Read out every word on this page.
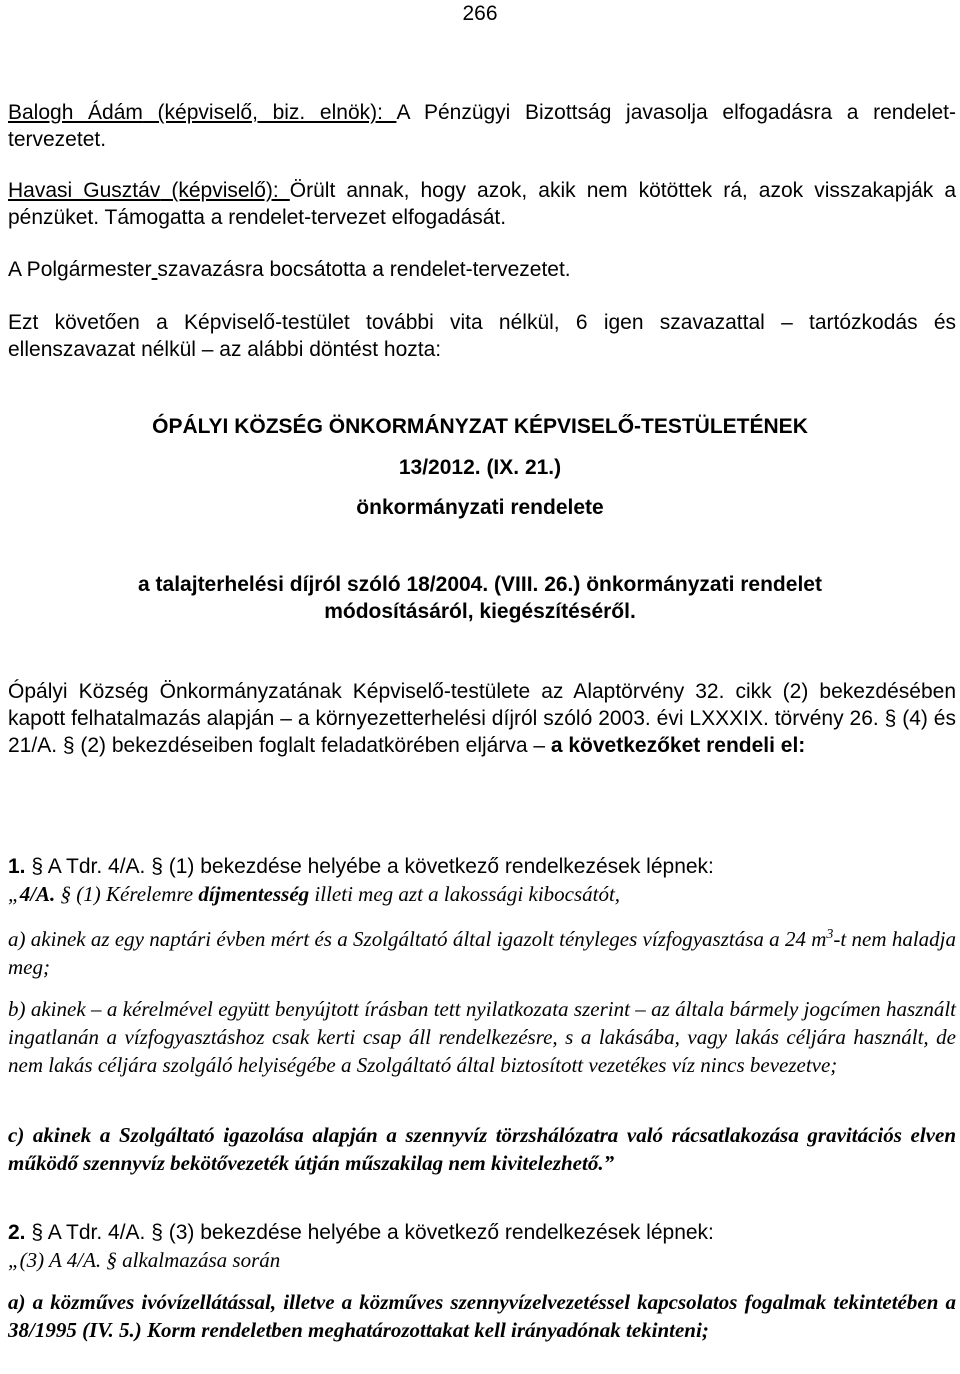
266
Balogh Ádám (képviselő, biz. elnök): A Pénzügyi Bizottság javasolja elfogadásra a rendelet-tervezetet.
Havasi Gusztáv (képviselő): Örült annak, hogy azok, akik nem kötöttek rá, azok visszakapják a pénzüket. Támogatta a rendelet-tervezet elfogadását.
A Polgármester szavazásra bocsátotta a rendelet-tervezetet.
Ezt követően a Képviselő-testület további vita nélkül, 6 igen szavazattal – tartózkodás és ellenszavazat nélkül – az alábbi döntést hozta:
ÓPÁLYI KÖZSÉG ÖNKORMÁNYZAT KÉPVISELŐ-TESTÜLETÉNEK
13/2012. (IX. 21.)
önkormányzati rendelete
a talajterhelési díjról szóló 18/2004. (VIII. 26.) önkormányzati rendelet
módosításáról, kiegészítéséről.
Ópályi Község Önkormányzatának Képviselő-testülete az Alaptörvény 32. cikk (2) bekezdésében kapott felhatalmazás alapján – a környezetterhelési díjról szóló 2003. évi LXXXIX. törvény 26. § (4) és 21/A. § (2) bekezdéseiben foglalt feladatkörében eljárva – a következőket rendeli el:
1. § A Tdr. 4/A. § (1) bekezdése helyébe a következő rendelkezések lépnek:
„4/A. § (1) Kérelemre díjmentesség illeti meg azt a lakossági kibocsátót,
a) akinek az egy naptári évben mért és a Szolgáltató által igazolt tényleges vízfogyasztása a 24 $m^3-t$ nem haladja meg;
b) akinek – a kérelmével együtt benyújtott írásban tett nyilatkozata szerint – az általa bármely jogcímen használt ingatlanán a vízfogyasztáshoz csak kerti csap áll rendelkezésre, s a lakásába, vagy lakás céljára használt, de nem lakás céljára szolgáló helyiségébe a Szolgáltató által biztosított vezetékes víz nincs bevezetve;
c) akinek a Szolgáltató igazolása alapján a szennyvíz törzshálózatra való rácsatlakozása gravitációs elven működő szennyvíz bekötővezeték útján műszakilag nem kivitelezhető.”
2. § A Tdr. 4/A. § (3) bekezdése helyébe a következő rendelkezések lépnek:
„(3) A 4/A. § alkalmazása során
a) a közműves ivóvízellátással, illetve a közműves szennyvízelvezetéssel kapcsolatos fogalmak tekintetében a 38/1995 (IV. 5.) Korm rendeletben meghatározottakat kell irányadónak tekinteni;
